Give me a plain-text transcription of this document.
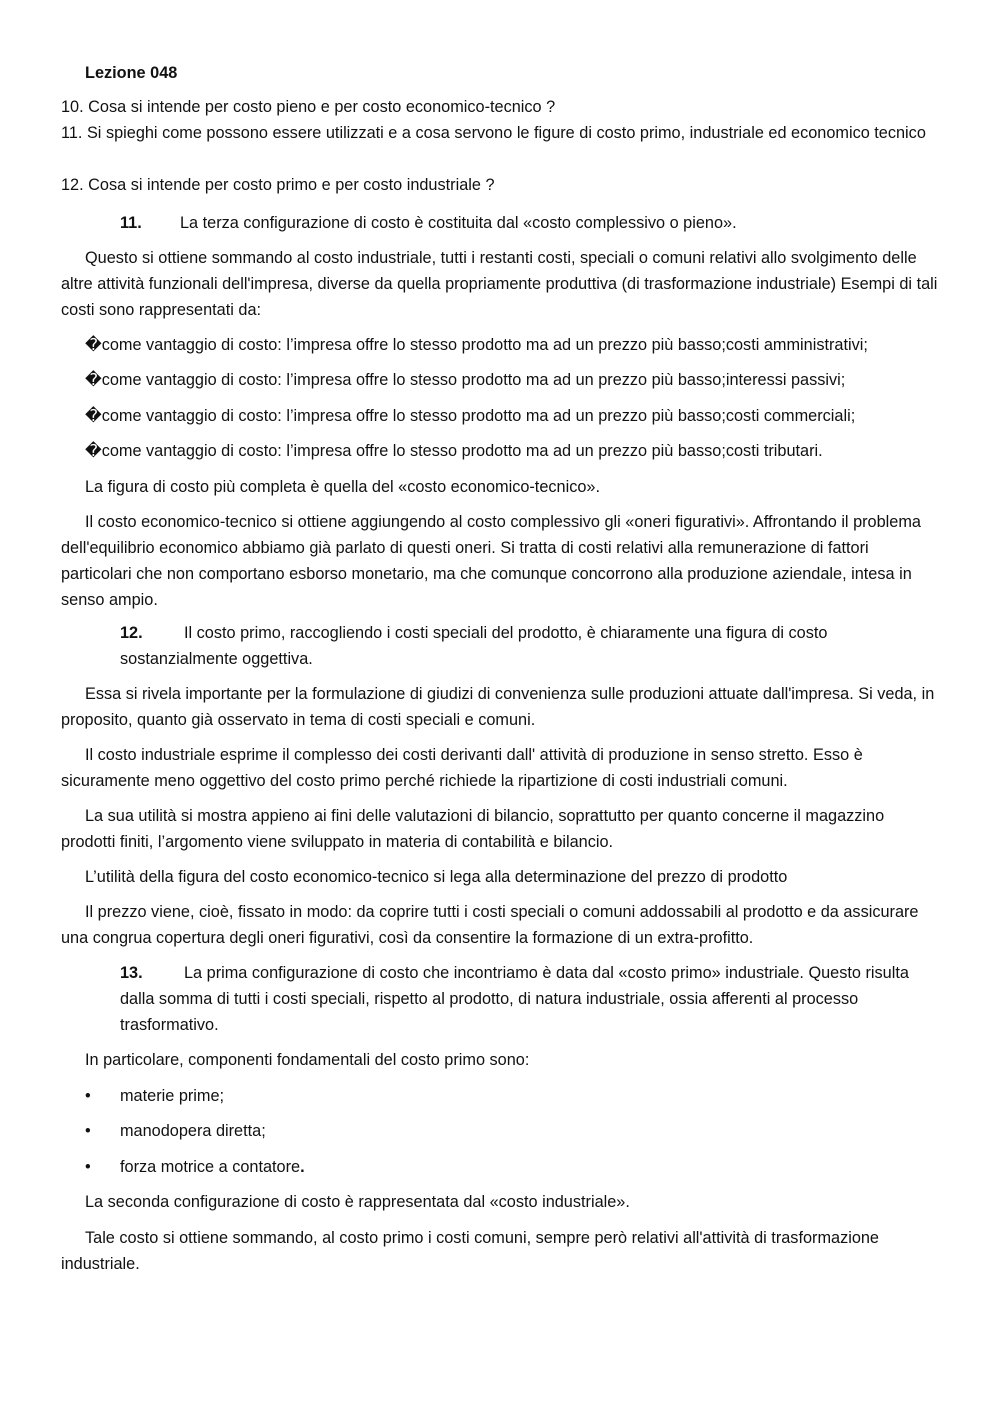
Lezione 048
10. Cosa si intende per costo pieno e per costo economico-tecnico ?
11. Si spieghi come possono essere utilizzati e a cosa servono le figure di costo primo, industriale ed economico tecnico
12. Cosa si intende per costo primo e per costo industriale ?
11. La terza configurazione di costo è costituita dal «costo complessivo o pieno».
Questo si ottiene sommando al costo industriale, tutti i restanti costi, speciali o comuni relativi allo svolgimento delle altre attività funzionali dell'impresa, diverse da quella propriamente produttiva (di trasformazione industriale) Esempi di tali costi sono rappresentati da:
�come vantaggio di costo: l’impresa offre lo stesso prodotto ma ad un prezzo più basso;costi amministrativi;
�come vantaggio di costo: l’impresa offre lo stesso prodotto ma ad un prezzo più basso;interessi passivi;
�come vantaggio di costo: l’impresa offre lo stesso prodotto ma ad un prezzo più basso;costi commerciali;
�come vantaggio di costo: l’impresa offre lo stesso prodotto ma ad un prezzo più basso;costi tributari.
La figura di costo più completa è quella del «costo economico-tecnico».
Il costo economico-tecnico si ottiene aggiungendo al costo complessivo gli «oneri figurativi». Affrontando il problema dell'equilibrio economico abbiamo già parlato di questi oneri. Si tratta di costi relativi alla remunerazione di fattori particolari che non comportano esborso monetario, ma che comunque concorrono alla produzione aziendale, intesa in senso ampio.
12.	Il costo primo, raccogliendo i costi speciali del prodotto, è chiaramente una figura di costo sostanzialmente oggettiva.
Essa si rivela importante per la formulazione di giudizi di convenienza sulle produzioni attuate dall'impresa. Si veda, in proposito, quanto già osservato in tema di costi speciali e comuni.
Il costo industriale esprime il complesso dei costi derivanti dall' attività di produzione in senso stretto. Esso è sicuramente meno oggettivo del costo primo perché richiede la ripartizione di costi industriali comuni.
La sua utilità si mostra appieno ai fini delle valutazioni di bilancio, soprattutto per quanto concerne il magazzino prodotti finiti, l’argomento viene sviluppato in materia di contabilità e bilancio.
L’utilità della figura del costo economico-tecnico si lega alla determinazione del prezzo di prodotto
Il prezzo viene, cioè, fissato in modo: da coprire tutti i costi speciali o comuni addossabili al prodotto e da assicurare una congrua copertura degli oneri figurativi, così da consentire la formazione di un extra-profitto.
13.	La prima configurazione di costo che incontriamo è data dal «costo primo» industriale. Questo risulta dalla somma di tutti i costi speciali, rispetto al prodotto, di natura industriale, ossia afferenti al processo trasformativo.
In particolare, componenti fondamentali del costo primo sono:
• materie prime;
• manodopera diretta;
• forza motrice a contatore.
La seconda configurazione di costo è rappresentata dal «costo industriale».
Tale costo si ottiene sommando, al costo primo i costi comuni, sempre però relativi all'attività di trasformazione industriale.
